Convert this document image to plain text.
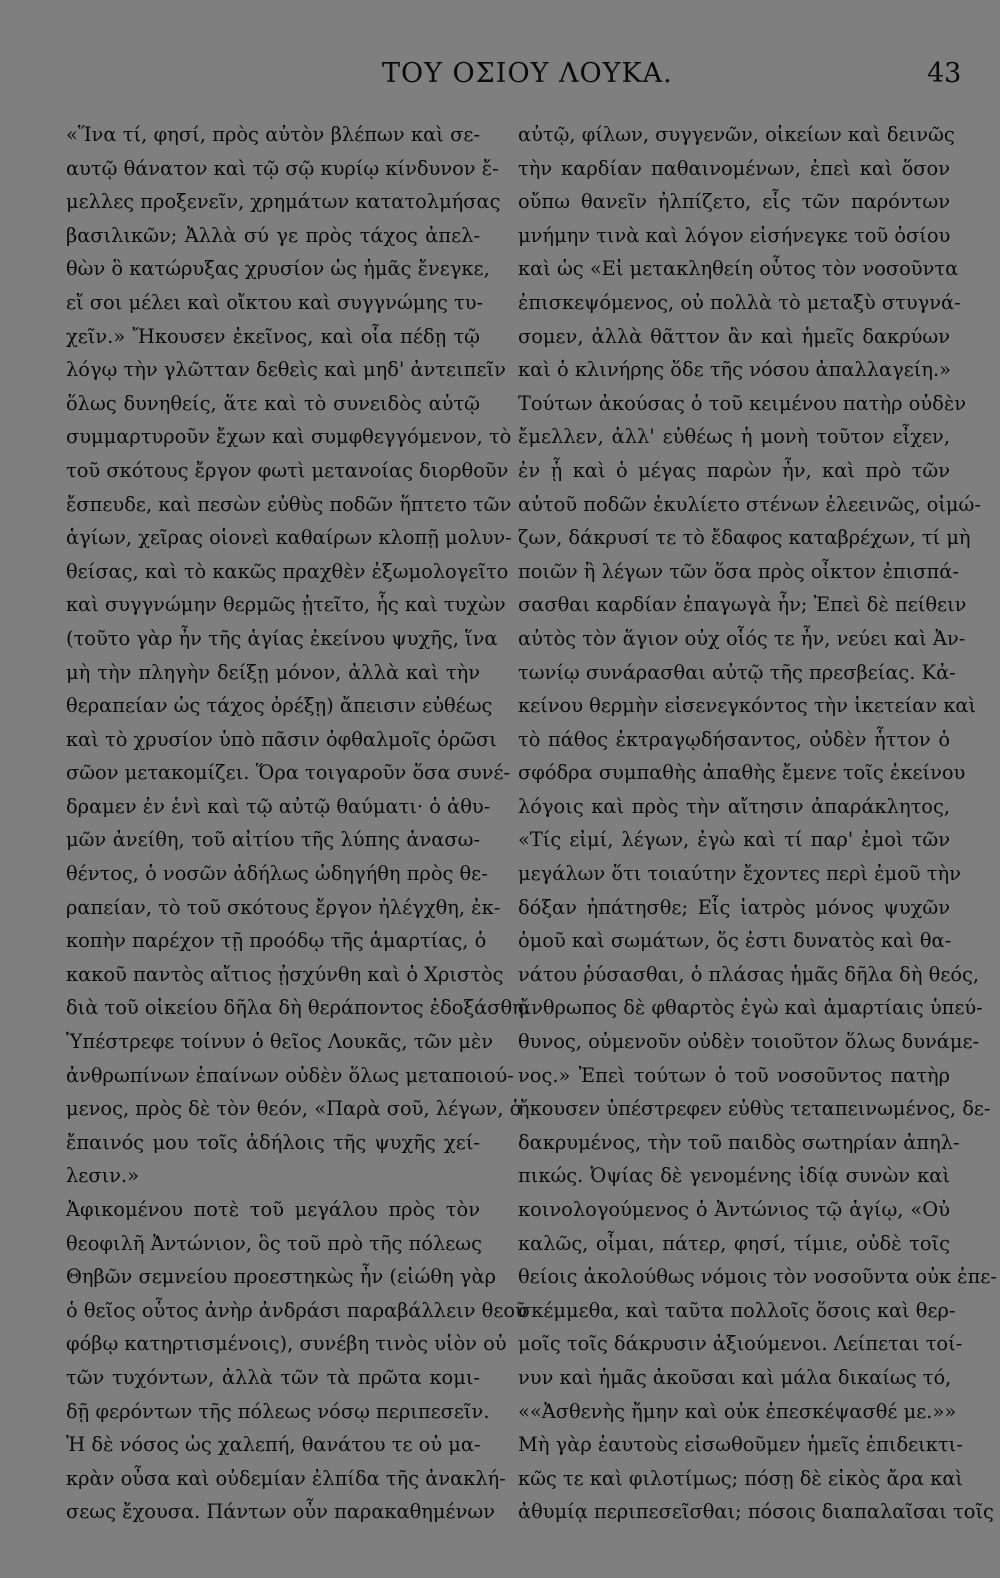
ΤΟΥ ΟΣΙΟΥ ΛΟΥΚΑ.	43
«Ἵνα τί, φησί, πρὸς αὐτὸν βλέπων καὶ σε-
αυτῷ θάνατον καὶ τῷ σῷ κυρίῳ κίνδυνον ἔ-
μελλες προξενεῖν, χρημάτων κατατολμήσας
βασιλικῶν; Ἀλλὰ σύ γε πρὸς τάχος ἀπελ-
θὼν ὃ κατώρυξας χρυσίον ὡς ἡμᾶς ἔνεγκε,
εἴ σοι μέλει καὶ οἴκτου καὶ συγγνώμης τυ-
χεῖν.» Ἤκουσεν ἐκεῖνος, καὶ οἷα πέδῃ τῷ
λόγῳ τὴν γλῶτταν δεθεὶς καὶ μηδ' ἀντειπεῖν
ὅλως δυνηθείς, ἅτε καὶ τὸ συνειδὸς αὐτῷ
συμμαρτυροῦν ἔχων καὶ συμφθεγγόμενον, τὸ
τοῦ σκότους ἔργον φωτὶ μετανοίας διορθοῦν
ἔσπευδε, καὶ πεσὼν εὐθὺς ποδῶν ἥπτετο τῶν
ἁγίων, χεῖρας οἱονεὶ καθαίρων κλοπῇ μολυν-
θείσας, καὶ τὸ κακῶς πραχθὲν ἐξωμολογεῖτο
καὶ συγγνώμην θερμῶς ᾐτεῖτο, ἧς καὶ τυχὼν
(τοῦτο γὰρ ἦν τῆς ἁγίας ἐκείνου ψυχῆς, ἵνα
μὴ τὴν πληγὴν δείξῃ μόνον, ἀλλὰ καὶ τὴν
θεραπείαν ὡς τάχος ὀρέξῃ) ἄπεισιν εὐθέως
καὶ τὸ χρυσίον ὑπὸ πᾶσιν ὀφθαλμοῖς ὁρῶσι
σῶον μετακομίζει. Ὅρα τοιγαροῦν ὅσα συνέ-
δραμεν ἐν ἑνὶ καὶ τῷ αὐτῷ θαύματι· ὁ ἀθυ-
μῶν ἀνείθη, τοῦ αἰτίου τῆς λύπης ἀνασω-
θέντος, ὁ νοσῶν ἀδήλως ὡδηγήθη πρὸς θε-
ραπείαν, τὸ τοῦ σκότους ἔργον ἠλέγχθη, ἐκ-
κοπὴν παρέχον τῇ προόδῳ τῆς ἁμαρτίας, ὁ
κακοῦ παντὸς αἴτιος ᾐσχύνθη καὶ ὁ Χριστὸς
διὰ τοῦ οἰκείου δῆλα δὴ θεράποντος ἐδοξάσθη.
Ὑπέστρεφε τοίνυν ὁ θεῖος Λουκᾶς, τῶν μὲν
ἀνθρωπίνων ἐπαίνων οὐδὲν ὅλως μεταποιού-
μενος, πρὸς δὲ τὸν θεόν, «Παρὰ σοῦ, λέγων, ὁ
ἔπαινός μου τοῖς ἀδήλοις τῆς ψυχῆς χεί-
λεσιν.»
Ἀφικομένου ποτὲ τοῦ μεγάλου πρὸς τὸν
θεοφιλῆ Ἀντώνιον, ὃς τοῦ πρὸ τῆς πόλεως
Θηβῶν σεμνείου προεστηκὼς ἦν (εἰώθη γὰρ
ὁ θεῖος οὗτος ἀνὴρ ἀνδράσι παραβάλλειν θεοῦ
φόβῳ κατηρτισμένοις), συνέβη τινὸς υἱὸν οὐ
τῶν τυχόντων, ἀλλὰ τῶν τὰ πρῶτα κομι-
δῇ φερόντων τῆς πόλεως νόσῳ περιπεσεῖν.
Ἡ δὲ νόσος ὡς χαλεπή, θανάτου τε οὐ μα-
κρὰν οὖσα καὶ οὐδεμίαν ἐλπίδα τῆς ἀνακλή-
σεως ἔχουσα. Πάντων οὖν παρακαθημένων
αὐτῷ, φίλων, συγγενῶν, οἰκείων καὶ δεινῶς
τὴν καρδίαν παθαινομένων, ἐπεὶ καὶ ὅσον
οὔπω θανεῖν ἠλπίζετο, εἷς τῶν παρόντων
μνήμην τινὰ καὶ λόγον εἰσήνεγκε τοῦ ὁσίου
καὶ ὡς «Εἰ μετακληθείη οὗτος τὸν νοσοῦντα
ἐπισκεψόμενος, οὐ πολλὰ τὸ μεταξὺ στυγνά-
σομεν, ἀλλὰ θᾶττον ἂν καὶ ἡμεῖς δακρύων
καὶ ὁ κλινήρης ὅδε τῆς νόσου ἀπαλλαγείη.»
Τούτων ἀκούσας ὁ τοῦ κειμένου πατὴρ οὐδὲν
ἔμελλεν, ἀλλ' εὐθέως ἡ μονὴ τοῦτον εἶχεν,
ἐν ᾗ καὶ ὁ μέγας παρὼν ἦν, καὶ πρὸ τῶν
αὐτοῦ ποδῶν ἐκυλίετο στένων ἐλεεινῶς, οἰμώ-
ζων, δάκρυσί τε τὸ ἔδαφος καταβρέχων, τί μὴ
ποιῶν ἢ λέγων τῶν ὅσα πρὸς οἶκτον ἐπισπά-
σασθαι καρδίαν ἐπαγωγὰ ἦν; Ἐπεὶ δὲ πείθειν
αὐτὸς τὸν ἅγιον οὐχ οἷός τε ἦν, νεύει καὶ Ἀν-
τωνίῳ συνάρασθαι αὐτῷ τῆς πρεσβείας. Κἀ-
κείνου θερμὴν εἰσενεγκόντος τὴν ἱκετείαν καὶ
τὸ πάθος ἐκτραγῳδήσαντος, οὐδὲν ἧττον ὁ
σφόδρα συμπαθὴς ἀπαθὴς ἔμενε τοῖς ἐκείνου
λόγοις καὶ πρὸς τὴν αἴτησιν ἀπαράκλητος,
«Τίς εἰμί, λέγων, ἐγὼ καὶ τί παρ' ἐμοὶ τῶν
μεγάλων ὅτι τοιαύτην ἔχοντες περὶ ἐμοῦ τὴν
δόξαν ἠπάτησθε; Εἷς ἰατρὸς μόνος ψυχῶν
ὁμοῦ καὶ σωμάτων, ὅς ἐστι δυνατὸς καὶ θα-
νάτου ῥύσασθαι, ὁ πλάσας ἡμᾶς δῆλα δὴ θεός,
ἄνθρωπος δὲ φθαρτὸς ἐγὼ καὶ ἁμαρτίαις ὑπεύ-
θυνος, οὐμενοῦν οὐδὲν τοιοῦτον ὅλως δυνάμε-
νος.» Ἐπεὶ τούτων ὁ τοῦ νοσοῦντος πατὴρ
ἤκουσεν ὑπέστρεφεν εὐθὺς τεταπεινωμένος, δε-
δακρυμένος, τὴν τοῦ παιδὸς σωτηρίαν ἀπηλ-
πικώς. Ὀψίας δὲ γενομένης ἰδίᾳ συνὼν καὶ
κοινολογούμενος ὁ Ἀντώνιος τῷ ἁγίῳ, «Οὐ
καλῶς, οἶμαι, πάτερ, φησί, τίμιε, οὐδὲ τοῖς
θείοις ἀκολούθως νόμοις τὸν νοσοῦντα οὐκ ἐπε-
σκέμμεθα, καὶ ταῦτα πολλοῖς ὅσοις καὶ θερ-
μοῖς τοῖς δάκρυσιν ἀξιούμενοι. Λείπεται τοί-
νυν καὶ ἡμᾶς ἀκοῦσαι καὶ μάλα δικαίως τό,
««Ἀσθενὴς ἤμην καὶ οὐκ ἐπεσκέψασθέ με.»»
Μὴ γὰρ ἑαυτοὺς εἰσωθοῦμεν ἡμεῖς ἐπιδεικτι-
κῶς τε καὶ φιλοτίμως; πόσῃ δὲ εἰκὸς ἄρα καὶ
ἀθυμίᾳ περιπεσεῖσθαι; πόσοις διαπαλαῖσαι τοῖς
